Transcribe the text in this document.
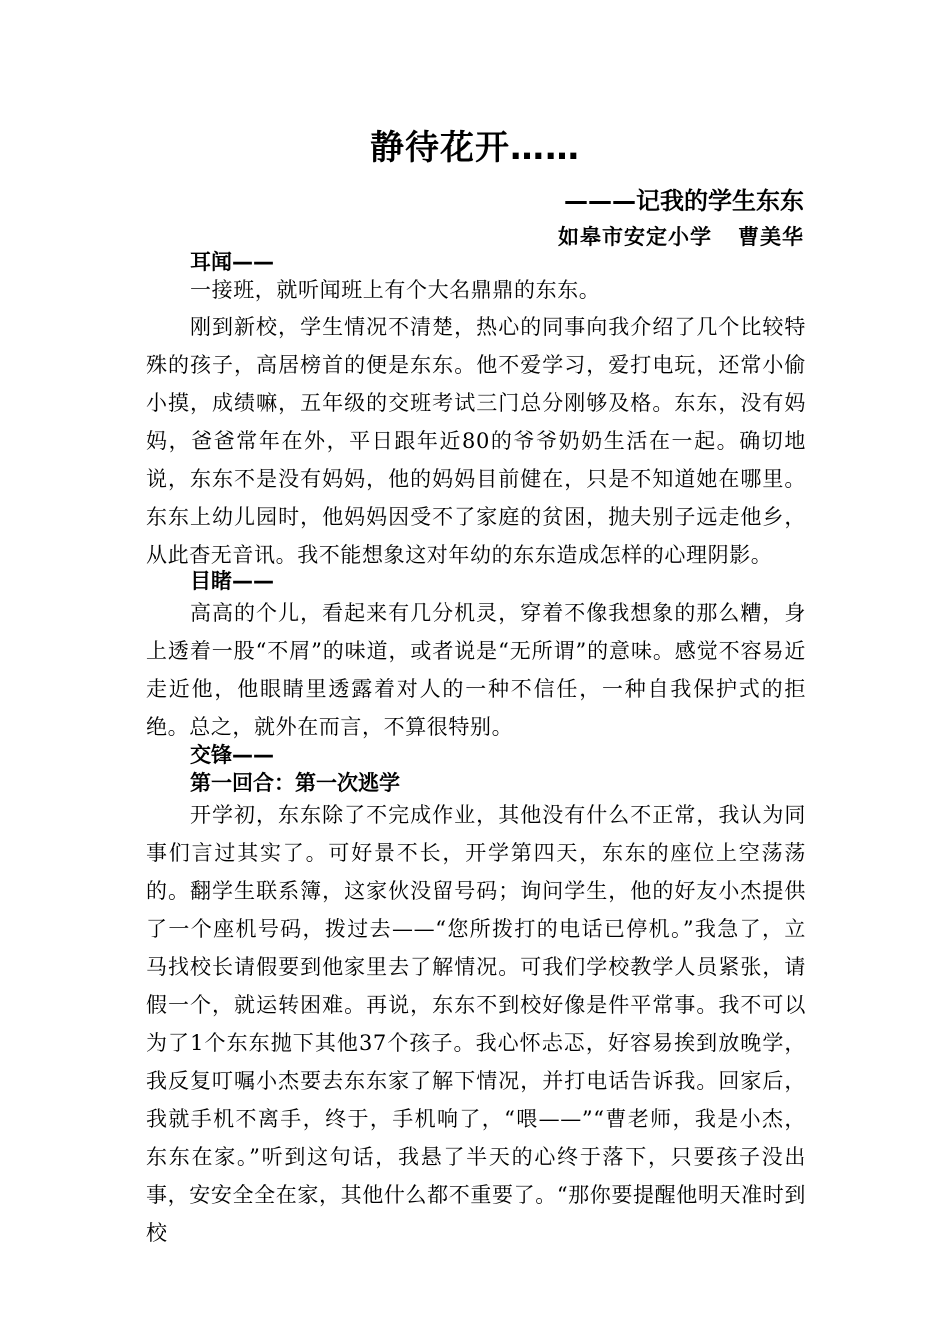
静待花开……
———记我的学生东东
如皋市安定小学 曹美华

耳闻——

一接班，就听闻班上有个大名鼎鼎的东东。

刚到新校，学生情况不清楚，热心的同事向我介绍了几个比较特殊的孩子，高居榜首的便是东东。他不爱学习，爱打电玩，还常小偷小摸，成绩嘛，五年级的交班考试三门总分刚够及格。东东，没有妈妈，爸爸常年在外，平日跟年近80的爷爷奶奶生活在一起。确切地说，东东不是没有妈妈，他的妈妈目前健在，只是不知道她在哪里。东东上幼儿园时，他妈妈因受不了家庭的贫困，抛夫别子远走他乡，从此杳无音讯。我不能想象这对年幼的东东造成怎样的心理阴影。

目睹——

高高的个儿，看起来有几分机灵，穿着不像我想象的那么糟，身上透着一股“不屑”的味道，或者说是“无所谓”的意味。感觉不容易近走近他，他眼睛里透露着对人的一种不信任，一种自我保护式的拒绝。总之，就外在而言，不算很特别。

交锋——

第一回合：第一次逃学

开学初，东东除了不完成作业，其他没有什么不正常，我认为同事们言过其实了。可好景不长，开学第四天，东东的座位上空荡荡的。翻学生联系簿，这家伙没留号码；询问学生，他的好友小杰提供了一个座机号码，拨过去——“您所拨打的电话已停机。”我急了，立马找校长请假要到他家里去了解情况。可我们学校教学人员紧张，请假一个，就运转困难。再说，东东不到校好像是件平常事。我不可以为了1个东东抛下其他37个孩子。我心怀忐忑，好容易挨到放晚学，我反复叮嘱小杰要去东东家了解下情况，并打电话告诉我。回家后，我就手机不离手，终于，手机响了，“喂——”“曹老师，我是小杰，东东在家。”听到这句话，我悬了半天的心终于落下，只要孩子没出事，安安全全在家，其他什么都不重要了。“那你要提醒他明天准时到校
